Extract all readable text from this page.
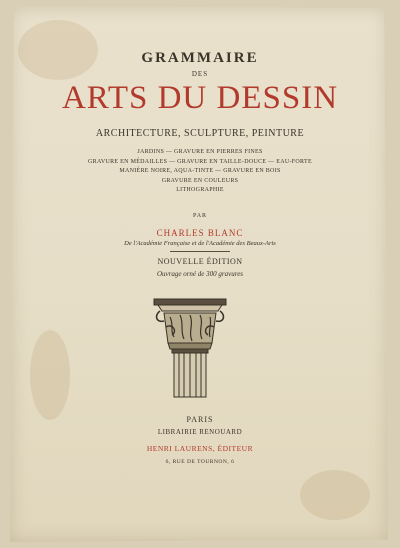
GRAMMAIRE
DES
ARTS DU DESSIN
ARCHITECTURE, SCULPTURE, PEINTURE
JARDINS — GRAVURE EN PIERRES FINES
GRAVURE EN MÉDAILLES — GRAVURE EN TAILLE-DOUCE — EAU-FORTE
MANIÈRE NOIRE, AQUA-TINTE — GRAVURE EN BOIS
GRAVURE EN COULEURS
LITHOGRAPHIE
PAR
CHARLES BLANC
De l'Académie Française et de l'Académie des Beaux-Arts
NOUVELLE ÉDITION
Ouvrage orné de 300 gravures
PARIS
LIBRAIRIE RENOUARD
HENRI LAURENS, ÉDITEUR
6, RUE DE TOURNON, 6
